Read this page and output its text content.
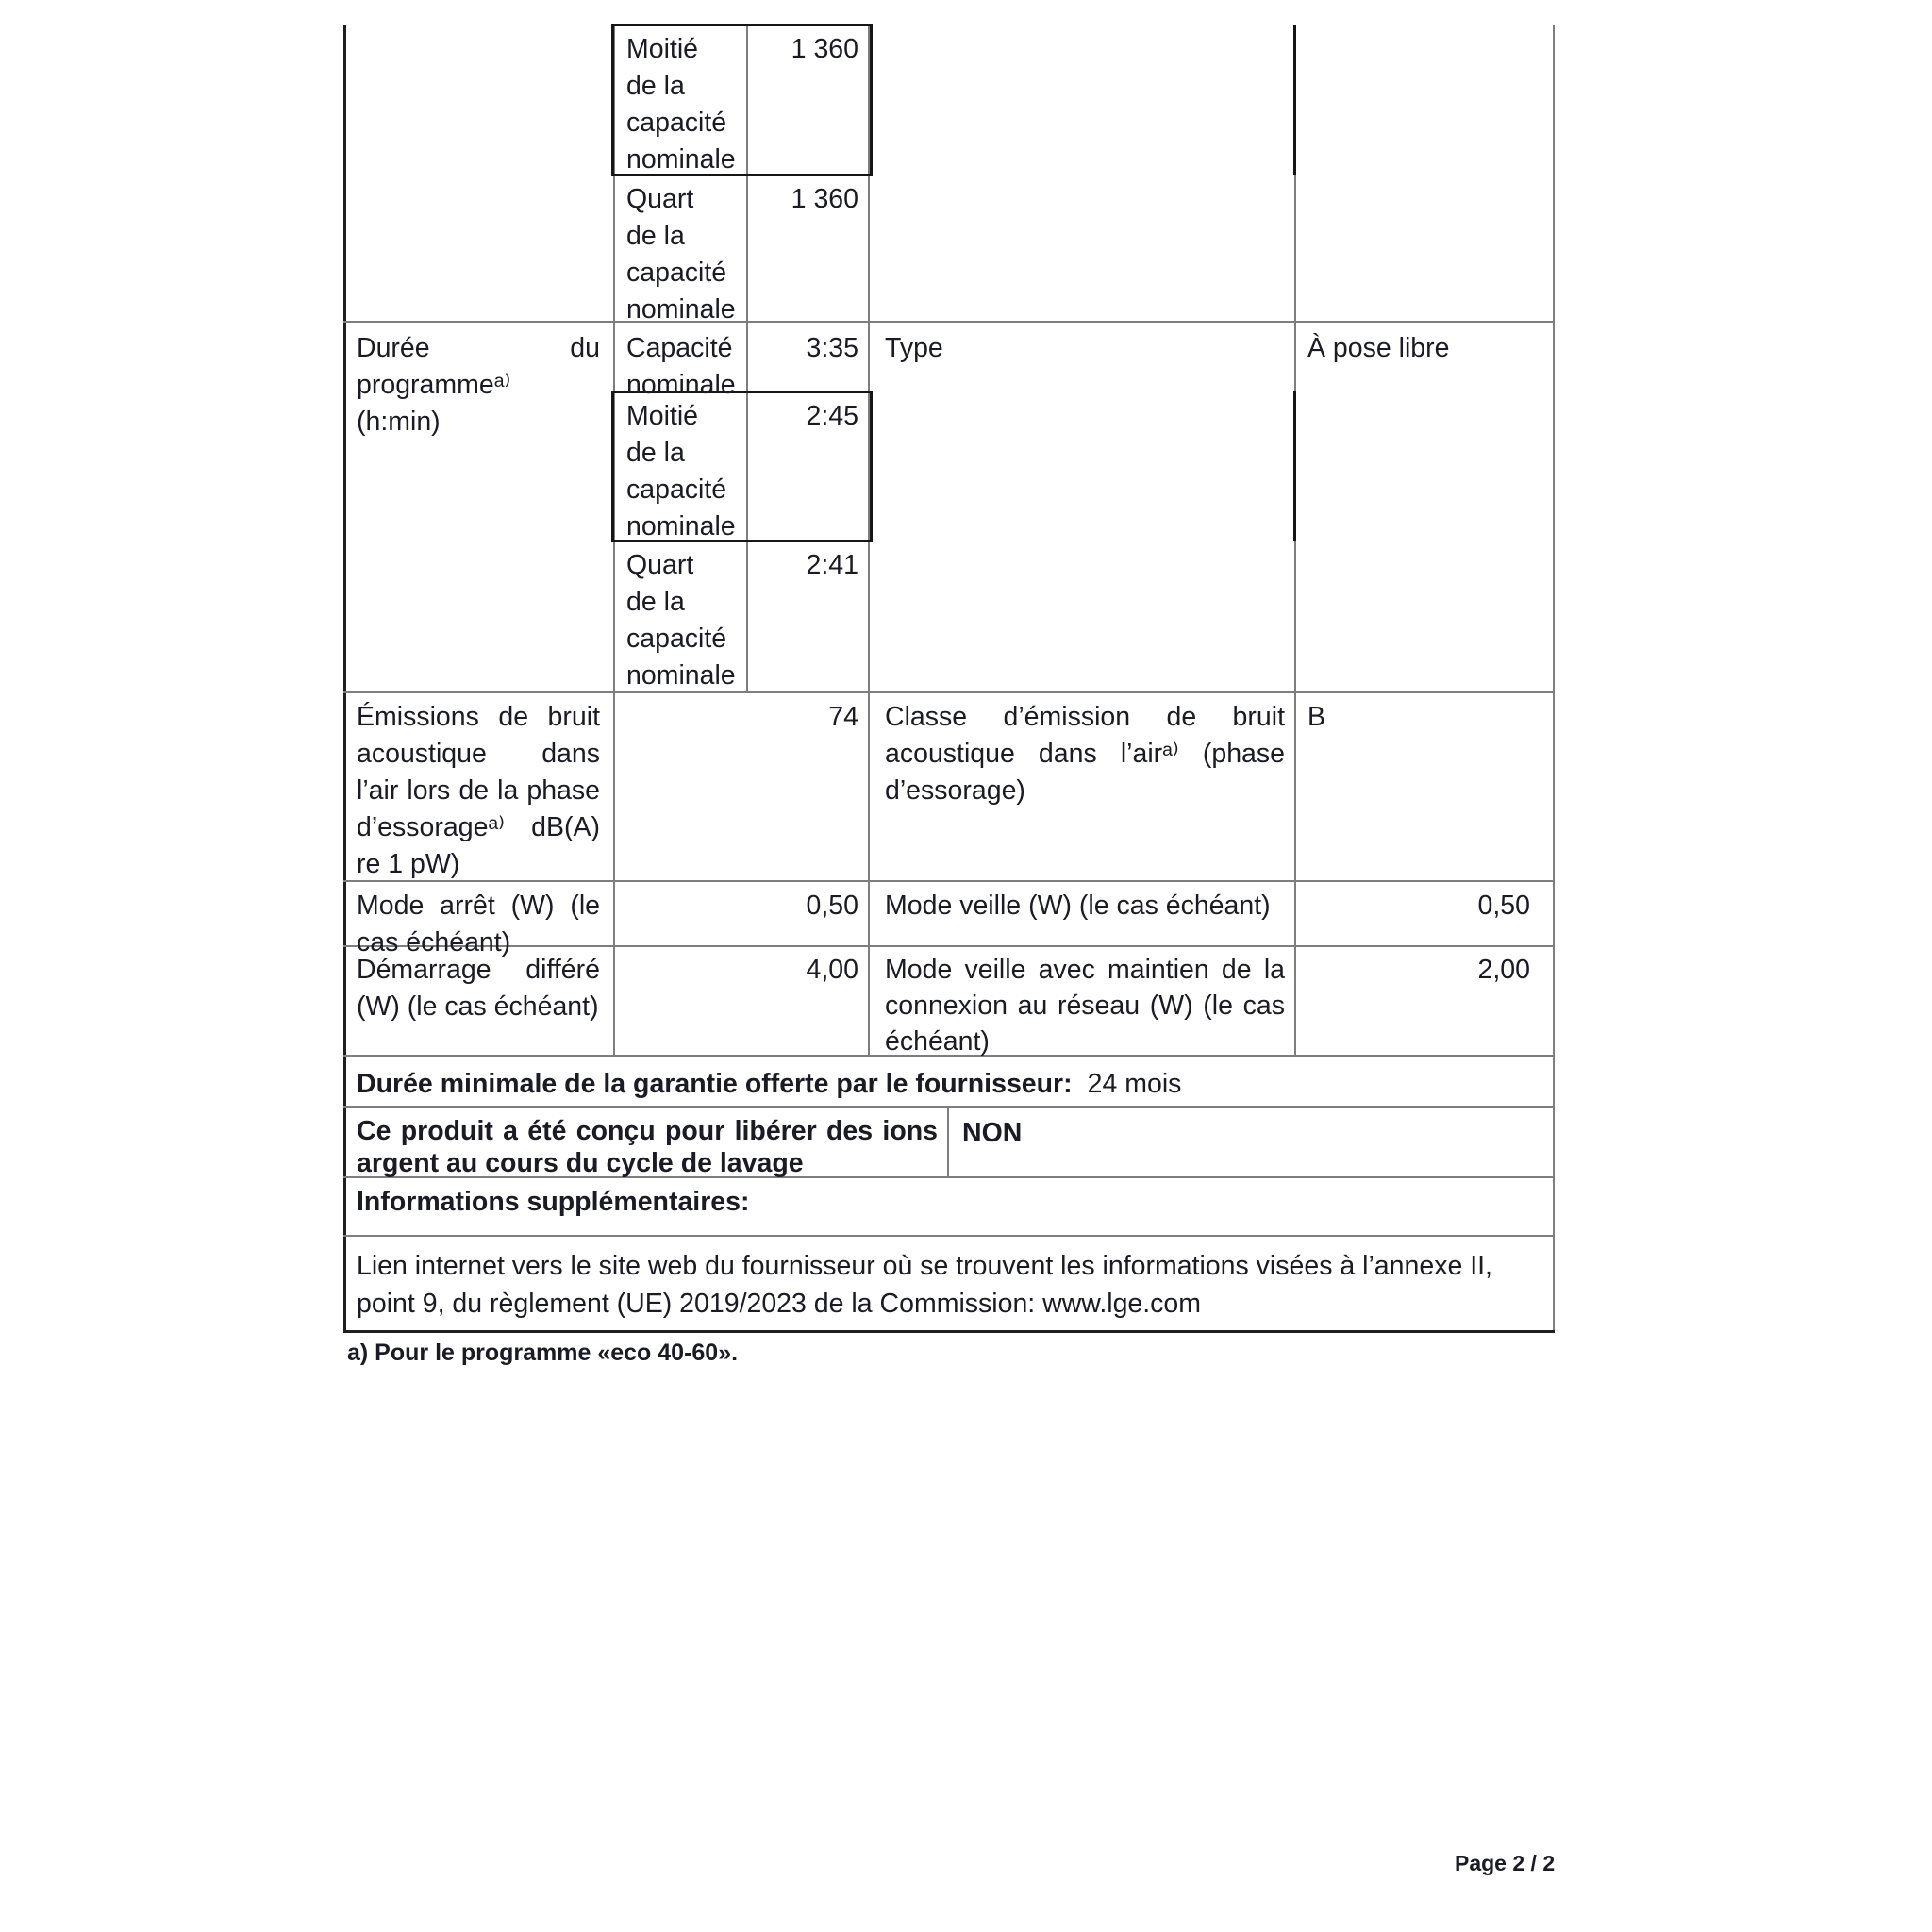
Moitié
de la
capacité
nominale
1 360
Quart
de la
capacité
nominale
1 360
Durée du programmeᵃ⁾ (h:min)
Capacité
nominale
3:35
Moitié
de la
capacité
nominale
2:45
Quart
de la
capacité
nominale
2:41
Type	À pose libre
Émissions de bruit acoustique dans l’air lors de la phase d’essorageᵃ⁾ dB(A) re 1 pW)
74 Classe d’émission de bruit acoustique dans l’airᵃ⁾ (phase d’essorage)
B
Mode arrêt (W) (le cas échéant)
0,50 Mode veille (W) (le cas échéant)	0,50
Démarrage différé (W) (le cas échéant)
4,00 Mode veille avec maintien de la connexion au réseau (W) (le cas échéant)
2,00
Durée minimale de la garantie offerte par le fournisseur: 24 mois
Ce produit a été conçu pour libérer des ions argent au cours du cycle de lavage
NON
Informations supplémentaires:
Lien internet vers le site web du fournisseur où se trouvent les informations visées à l’annexe II, point 9, du règlement (UE) 2019/2023 de la Commission: www.lge.com
a) Pour le programme «eco 40-60».
Page 2 / 2
